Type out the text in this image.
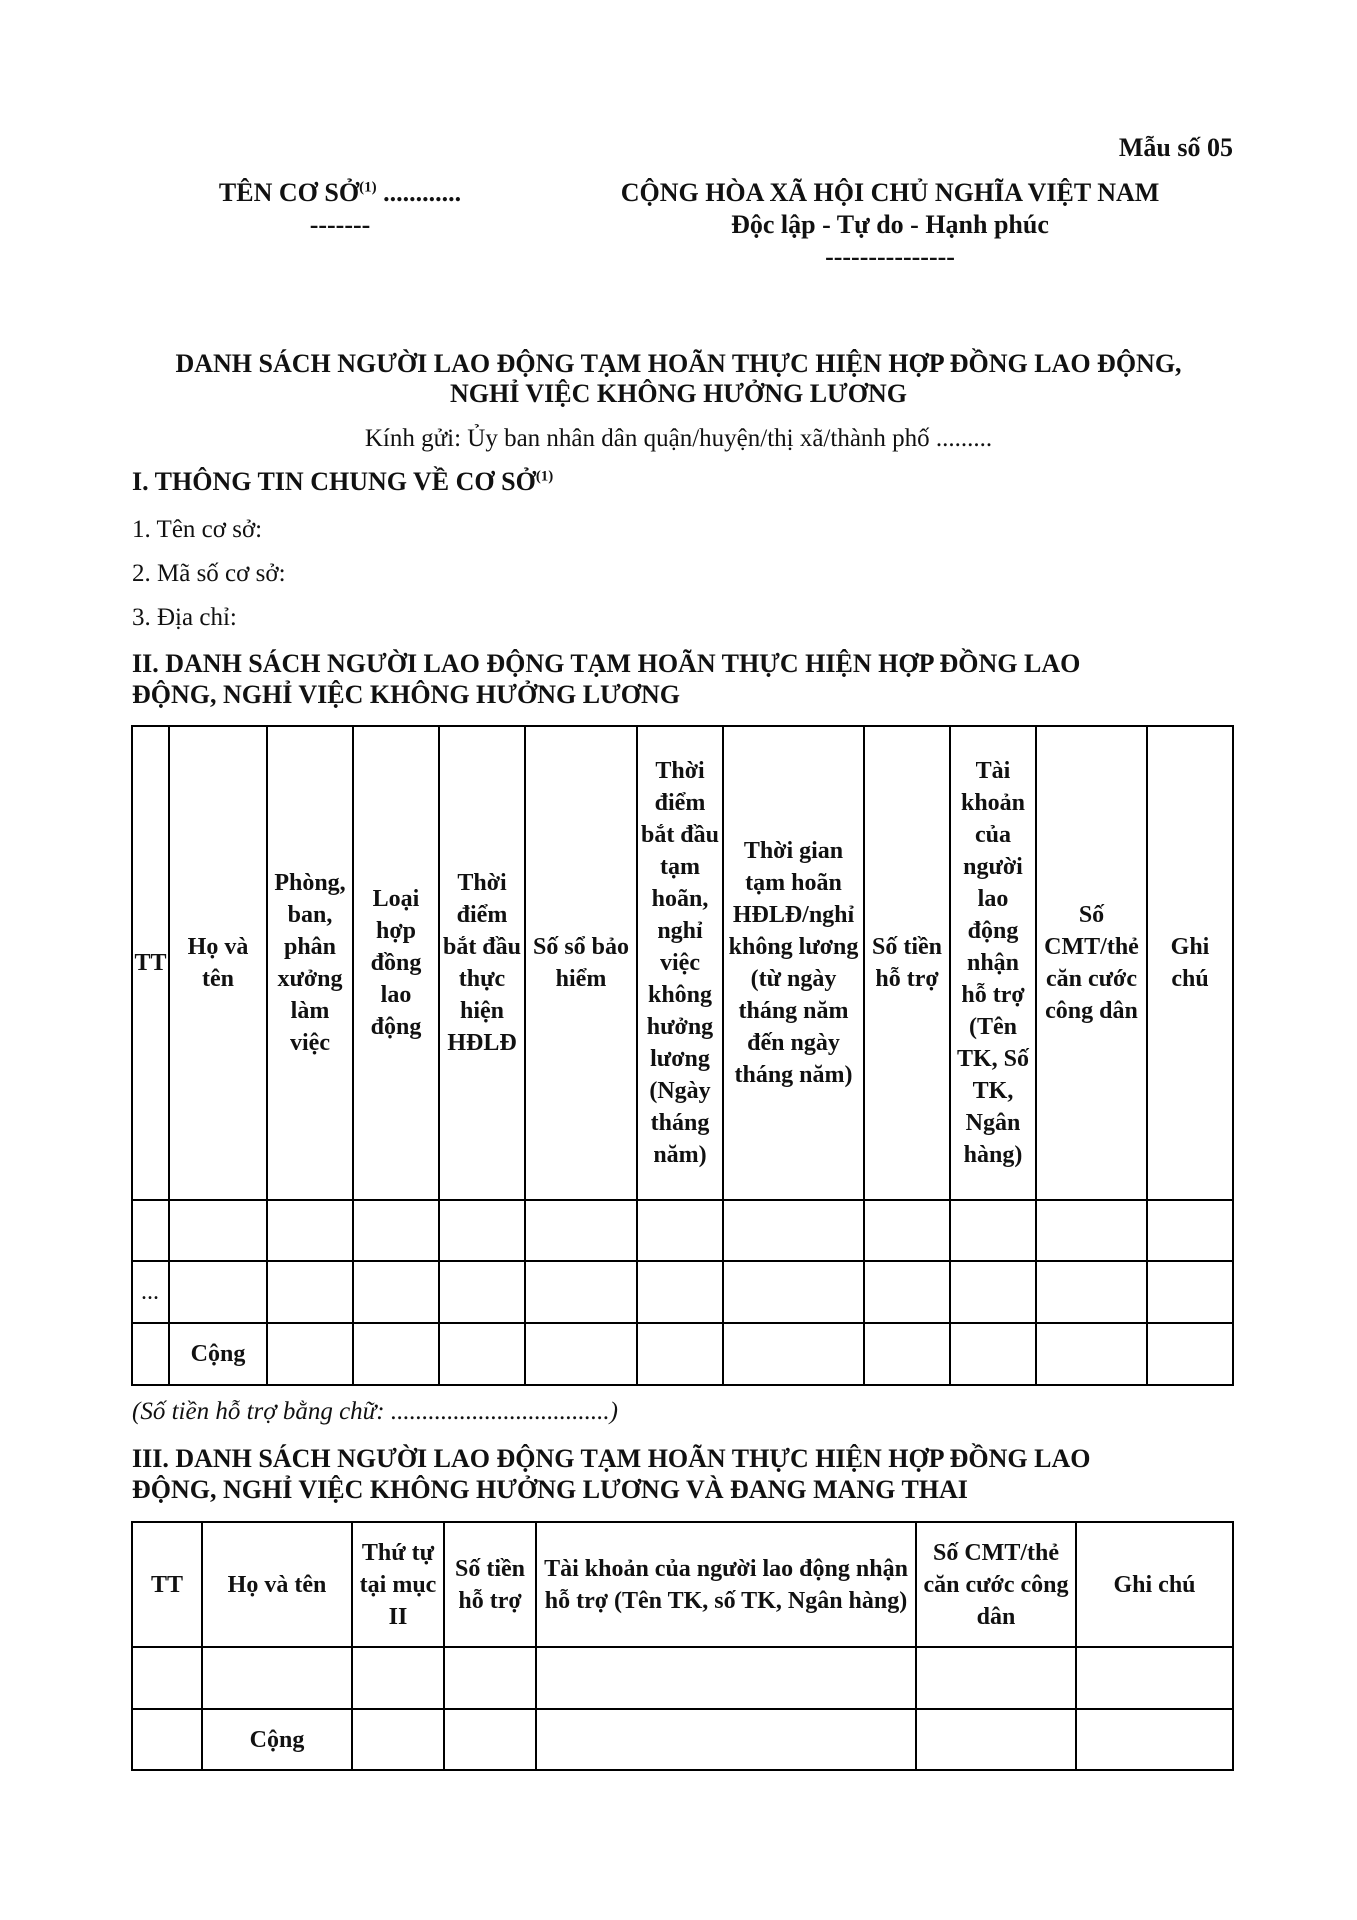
Mẫu số 05
TÊN CƠ SỞ$^{(1)}$ ............
-------
CỘNG HÒA XÃ HỘI CHỦ NGHĨA VIỆT NAM
Độc lập - Tự do - Hạnh phúc
---------------
DANH SÁCH NGƯỜI LAO ĐỘNG TẠM HOÃN THỰC HIỆN HỢP ĐỒNG LAO ĐỘNG,
NGHỈ VIỆC KHÔNG HƯỞNG LƯƠNG
Kính gửi: Ủy ban nhân dân quận/huyện/thị xã/thành phố .........
I. THÔNG TIN CHUNG VỀ CƠ SỞ$^{(1)}$
1. Tên cơ sở:
2. Mã số cơ sở:
3. Địa chỉ:
II. DANH SÁCH NGƯỜI LAO ĐỘNG TẠM HOÃN THỰC HIỆN HỢP ĐỒNG LAO
ĐỘNG, NGHỈ VIỆC KHÔNG HƯỞNG LƯƠNG
TT	Họ và tên	Phòng, ban, phân xưởng làm việc	Loại hợp đồng lao động	Thời điểm bắt đầu thực hiện HĐLĐ	Số sổ bảo hiểm	Thời điểm bắt đầu tạm hoãn, nghỉ việc không hưởng lương (Ngày tháng năm)	Thời gian tạm hoãn HĐLĐ/nghỉ không lương (từ ngày tháng năm đến ngày tháng năm)	Số tiền hỗ trợ	Tài khoản của người lao động nhận hỗ trợ (Tên TK, Số TK, Ngân hàng)	Số CMT/thẻ căn cước công dân	Ghi chú

...											
	Cộng										
(Số tiền hỗ trợ bằng chữ: ...................................)
III. DANH SÁCH NGƯỜI LAO ĐỘNG TẠM HOÃN THỰC HIỆN HỢP ĐỒNG LAO
ĐỘNG, NGHỈ VIỆC KHÔNG HƯỞNG LƯƠNG VÀ ĐANG MANG THAI
TT	Họ và tên	Thứ tự tại mục II	Số tiền hỗ trợ	Tài khoản của người lao động nhận hỗ trợ (Tên TK, số TK, Ngân hàng)	Số CMT/thẻ căn cước công dân	Ghi chú

	Cộng					
